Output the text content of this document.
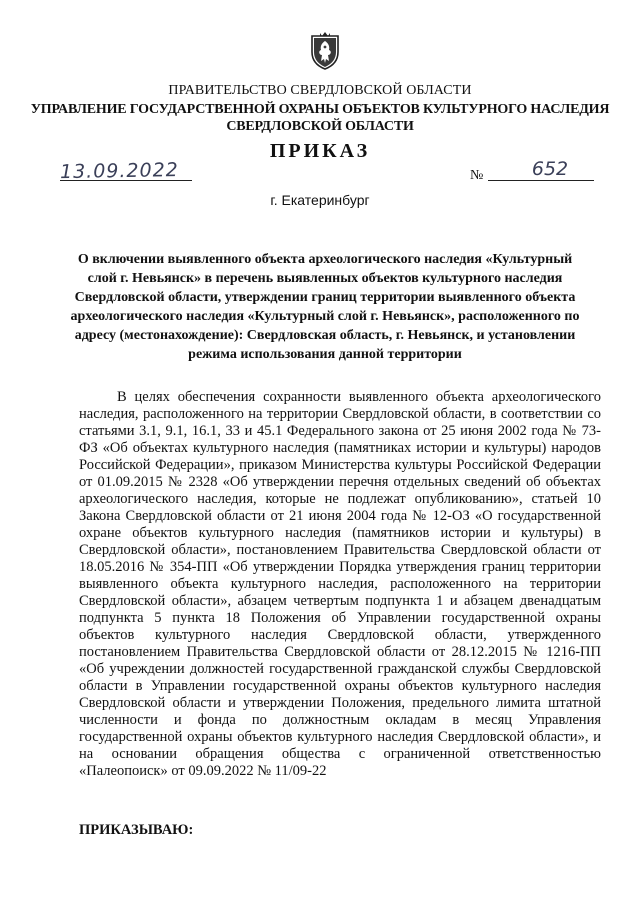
ПРАВИТЕЛЬСТВО СВЕРДЛОВСКОЙ ОБЛАСТИ
УПРАВЛЕНИЕ ГОСУДАРСТВЕННОЙ ОХРАНЫ ОБЪЕКТОВ КУЛЬТУРНОГО НАСЛЕДИЯ
СВЕРДЛОВСКОЙ ОБЛАСТИ
ПРИКАЗ
13.09.2022	№	652
г. Екатеринбург
О включении выявленного объекта археологического наследия «Культурный слой г. Невьянск» в перечень выявленных объектов культурного наследия Свердловской области, утверждении границ территории выявленного объекта археологического наследия «Культурный слой г. Невьянск», расположенного по адресу (местонахождение): Свердловская область, г. Невьянск, и установлении режима использования данной территории
В целях обеспечения сохранности выявленного объекта археологического наследия, расположенного на территории Свердловской области, в соответствии со статьями 3.1, 9.1, 16.1, 33 и 45.1 Федерального закона от 25 июня 2002 года № 73-ФЗ «Об объектах культурного наследия (памятниках истории и культуры) народов Российской Федерации», приказом Министерства культуры Российской Федерации от 01.09.2015 № 2328 «Об утверждении перечня отдельных сведений об объектах археологического наследия, которые не подлежат опубликованию», статьей 10 Закона Свердловской области от 21 июня 2004 года № 12-ОЗ «О государственной охране объектов культурного наследия (памятников истории и культуры) в Свердловской области», постановлением Правительства Свердловской области от 18.05.2016 № 354-ПП «Об утверждении Порядка утверждения границ территории выявленного объекта культурного наследия, расположенного на территории Свердловской области», абзацем четвертым подпункта 1 и абзацем двенадцатым подпункта 5 пункта 18 Положения об Управлении государственной охраны объектов культурного наследия Свердловской области, утвержденного постановлением Правительства Свердловской области от 28.12.2015 № 1216-ПП «Об учреждении должностей государственной гражданской службы Свердловской области в Управлении государственной охраны объектов культурного наследия Свердловской области и утверждении Положения, предельного лимита штатной численности и фонда по должностным окладам в месяц Управления государственной охраны объектов культурного наследия Свердловской области», и на основании обращения общества с ограниченной ответственностью «Палеопоиск» от 09.09.2022 № 11/09-22
ПРИКАЗЫВАЮ:
